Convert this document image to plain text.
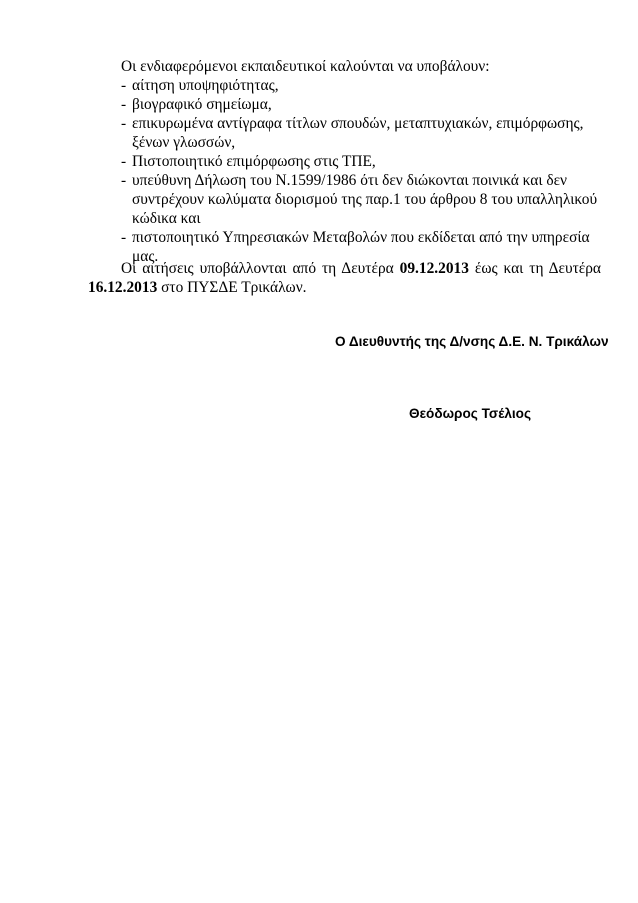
Οι ενδιαφερόμενοι εκπαιδευτικοί καλούνται να υποβάλουν:
- αίτηση υποψηφιότητας,
- βιογραφικό σημείωμα,
- επικυρωμένα αντίγραφα τίτλων σπουδών, μεταπτυχιακών, επιμόρφωσης, ξένων γλωσσών,
- Πιστοποιητικό επιμόρφωσης στις ΤΠΕ,
- υπεύθυνη Δήλωση του Ν.1599/1986 ότι δεν διώκονται ποινικά και δεν συντρέχουν κωλύματα διορισμού της παρ.1 του άρθρου 8 του υπαλληλικού κώδικα και
- πιστοποιητικό Υπηρεσιακών Μεταβολών που εκδίδεται από την υπηρεσία μας.

Οι αιτήσεις υποβάλλονται από τη Δευτέρα 09.12.2013 έως και τη Δευτέρα 16.12.2013 στο ΠΥΣΔΕ Τρικάλων.

Ο Διευθυντής της Δ/νσης Δ.Ε. Ν. Τρικάλων
Θεόδωρος Τσέλιος
